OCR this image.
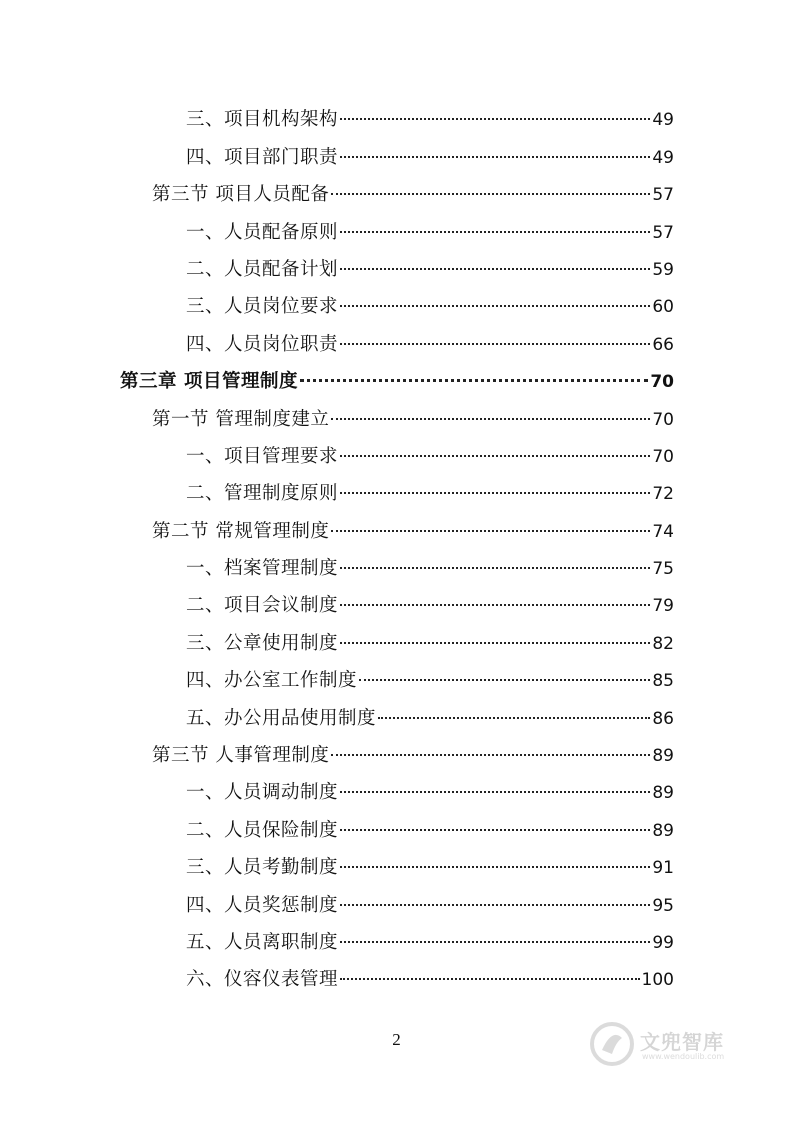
三、项目机构架构	49
四、项目部门职责	49
第三节 项目人员配备	57
一、人员配备原则	57
二、人员配备计划	59
三、人员岗位要求	60
四、人员岗位职责	66
第三章 项目管理制度	70
第一节 管理制度建立	70
一、项目管理要求	70
二、管理制度原则	72
第二节 常规管理制度	74
一、档案管理制度	75
二、项目会议制度	79
三、公章使用制度	82
四、办公室工作制度	85
五、办公用品使用制度	86
第三节 人事管理制度	89
一、人员调动制度	89
二、人员保险制度	89
三、人员考勤制度	91
四、人员奖惩制度	95
五、人员离职制度	99
六、仪容仪表管理	100
2	文兜智库
www.wendoulib.com
